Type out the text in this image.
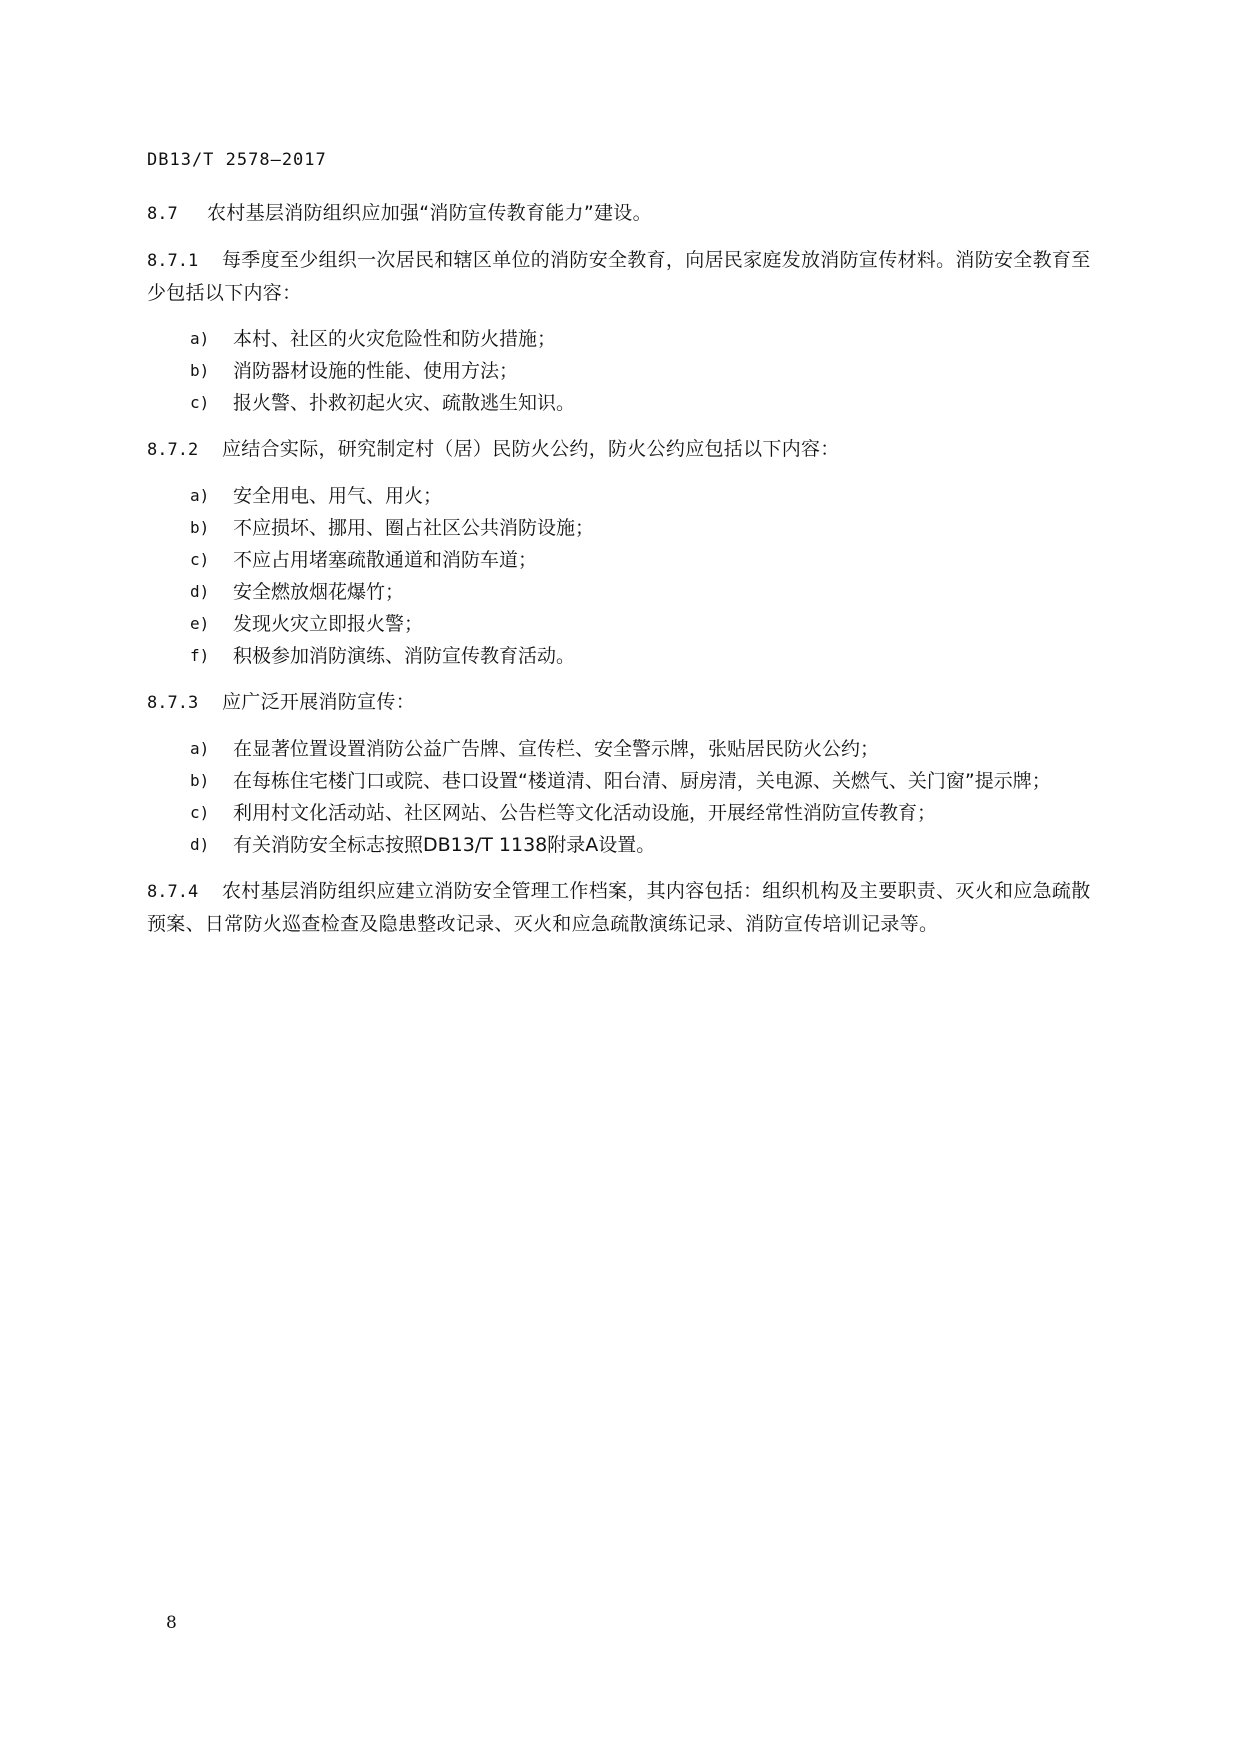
DB13/T 2578—2017

8.7 农村基层消防组织应加强“消防宣传教育能力”建设。

8.7.1 每季度至少组织一次居民和辖区单位的消防安全教育，向居民家庭发放消防宣传材料。消防安全教育至少包括以下内容：

a) 本村、社区的火灾危险性和防火措施；
b) 消防器材设施的性能、使用方法；
c) 报火警、扑救初起火灾、疏散逃生知识。

8.7.2 应结合实际，研究制定村（居）民防火公约，防火公约应包括以下内容：

a) 安全用电、用气、用火；
b) 不应损坏、挪用、圈占社区公共消防设施；
c) 不应占用堵塞疏散通道和消防车道；
d) 安全燃放烟花爆竹；
e) 发现火灾立即报火警；
f) 积极参加消防演练、消防宣传教育活动。

8.7.3 应广泛开展消防宣传：

a) 在显著位置设置消防公益广告牌、宣传栏、安全警示牌，张贴居民防火公约；
b) 在每栋住宅楼门口或院、巷口设置“楼道清、阳台清、厨房清，关电源、关燃气、关门窗”提示牌；
c) 利用村文化活动站、社区网站、公告栏等文化活动设施，开展经常性消防宣传教育；
d) 有关消防安全标志按照DB13/T 1138附录A设置。

8.7.4 农村基层消防组织应建立消防安全管理工作档案，其内容包括：组织机构及主要职责、灭火和应急疏散预案、日常防火巡查检查及隐患整改记录、灭火和应急疏散演练记录、消防宣传培训记录等。

8
